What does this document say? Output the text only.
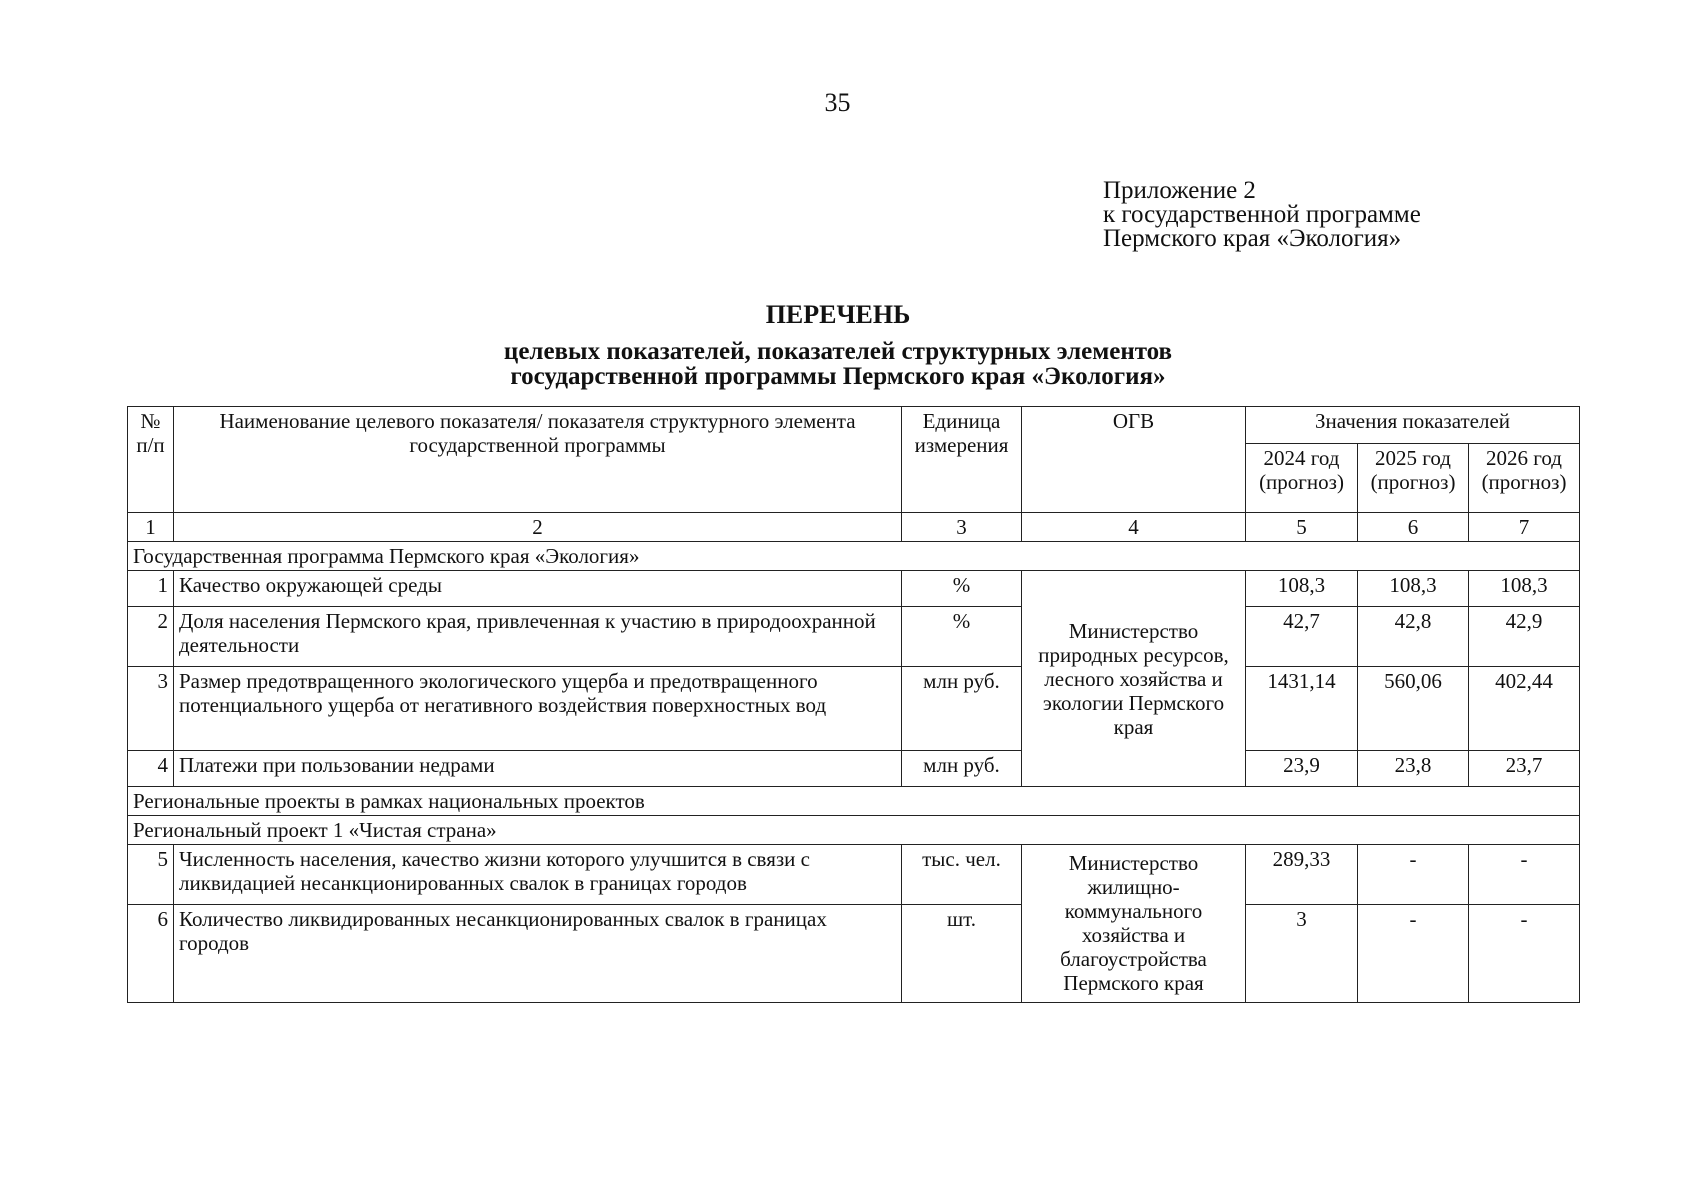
35
Приложение 2
к государственной программе
Пермского края «Экология»
ПЕРЕЧЕНЬ
целевых показателей, показателей структурных элементов
государственной программы Пермского края «Экология»
№ п/п	Наименование целевого показателя/ показателя структурного элемента государственной программы	Единица измерения	ОГВ	Значения показателей		
				2024 год (прогноз)	2025 год (прогноз)	2026 год (прогноз)
1	2	3	4	5	6	7
Государственная программа Пермского края «Экология»						
1	Качество окружающей среды	%	Министерство природных ресурсов, лесного хозяйства и экологии Пермского края	108,3	108,3	108,3
2	Доля населения Пермского края, привлеченная к участию в природоохранной деятельности	%		42,7	42,8	42,9
3	Размер предотвращенного экологического ущерба и предотвращенного потенциального ущерба от негативного воздействия поверхностных вод	млн руб.		1431,14	560,06	402,44
4	Платежи при пользовании недрами	млн руб.		23,9	23,8	23,7
Региональные проекты в рамках национальных проектов						
Региональный проект 1 «Чистая страна»						
5	Численность населения, качество жизни которого улучшится в связи с ликвидацией несанкционированных свалок в границах городов	тыс. чел.	Министерство жилищно-коммунального хозяйства и благоустройства Пермского края	289,33	-	-
6	Количество ликвидированных несанкционированных свалок в границах городов	шт.		3	-	-
